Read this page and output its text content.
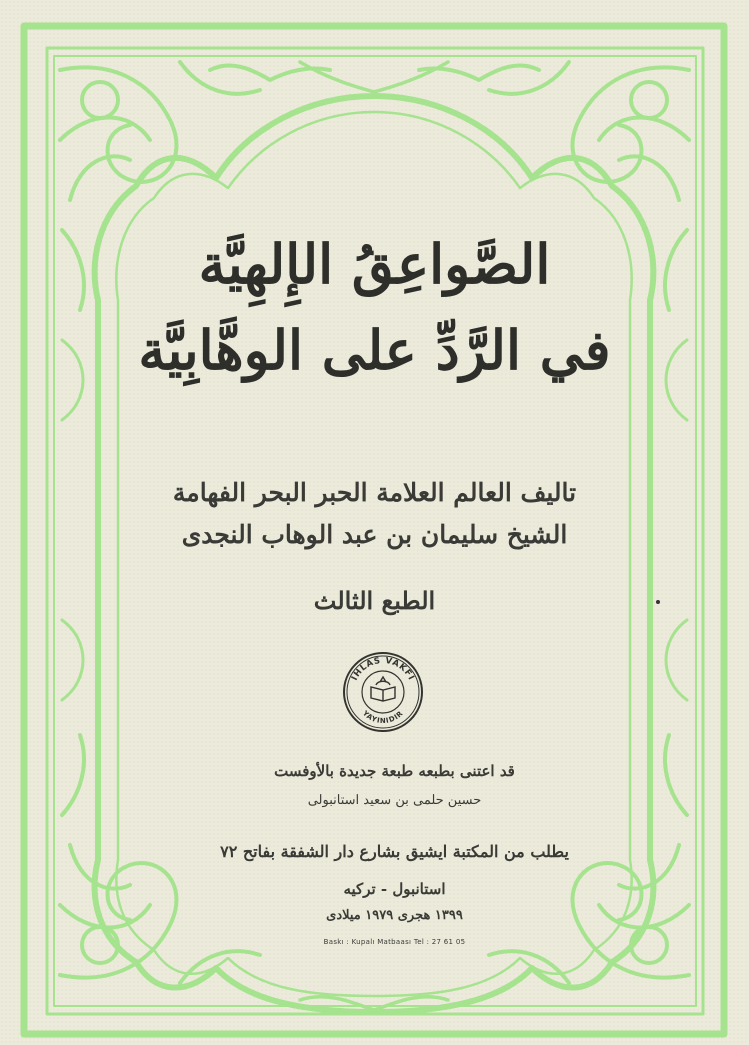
الصَّواعِقُ الإِلهِيَّة
في الرَّدِّ على الوهَّابِيَّة
تاليف العالم العلامة الحبر البحر الفهامة
الشيخ سليمان بن عبد الوهاب النجدى
الطبع الثالث
IHLAS VAKFI
YAYINIDIR
قد اعتنى بطبعه طبعة جديدة بالأوفست
حسين حلمى بن سعيد استانبولى
يطلب من المكتبة ايشيق بشارع دار الشفقة بفاتح ٧٢
استانبول - تركيه
١٣٩٩ هجرى ١٩٧٩ ميلادى
Baskı : Kupalı Matbaası Tel : 27 61 05
